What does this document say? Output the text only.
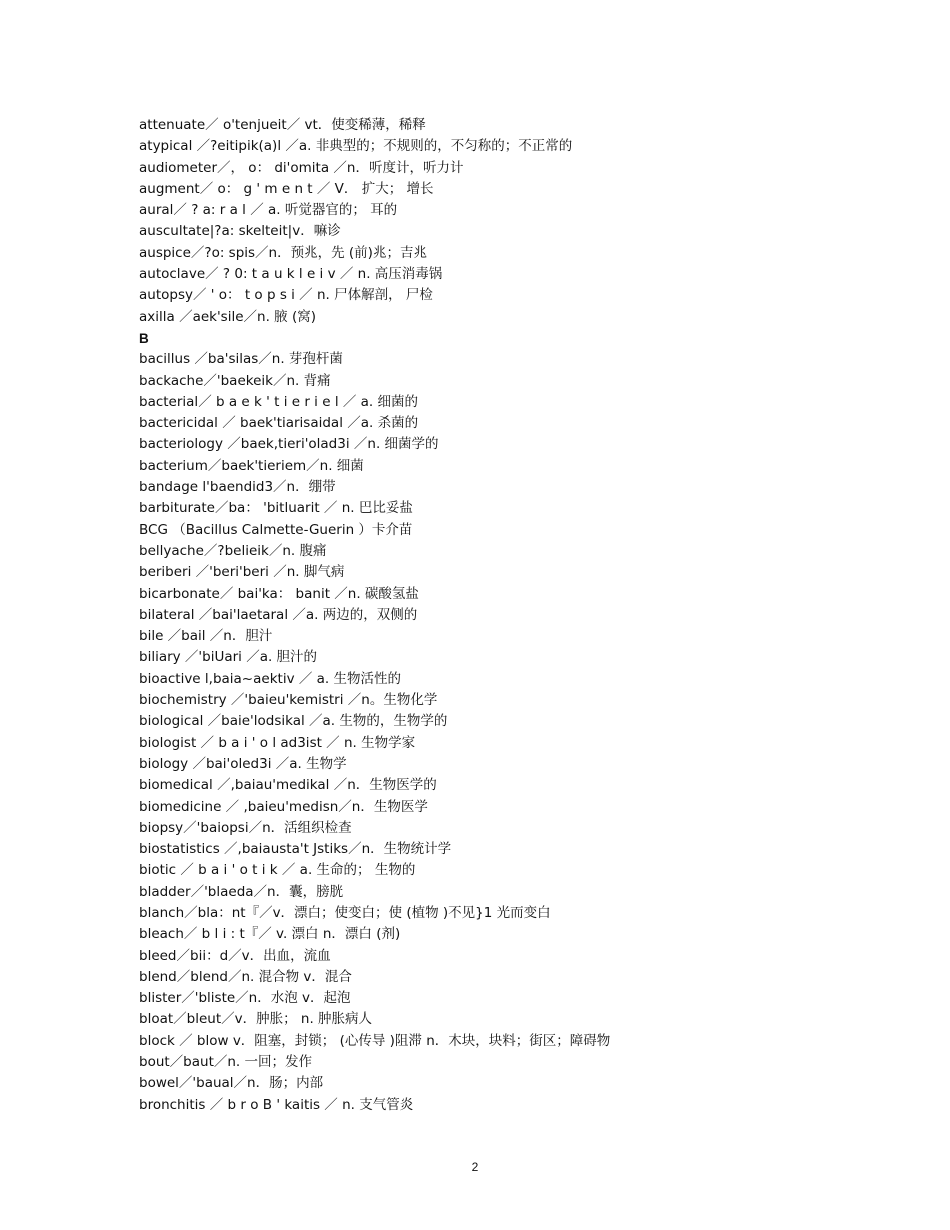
attenuate／ o'tenjueit／ vt．使变稀薄，稀释
atypical ／?eitipik(a)l ／a. 非典型的；不规则的，不匀称的；不正常的
audiometer／， o： di'omita ／n．听度计，听力计
augment／ o： g ' m e n t ／ V． 扩大； 增长
aural／ ? a: r a l ／ a. 听觉器官的； 耳的
auscultate|?a: skelteit|v．嘛诊
auspice／?o: spis／n．预兆，先 (前)兆；吉兆
autoclave／ ? 0: t a u k l e i v ／ n. 高压消毒锅
autopsy／ ' o： t o p s i ／ n. 尸体解剖， 尸检
axilla ／aek'sile／n. 腋 (窝)
B
bacillus ／ba'silas／n. 芽孢杆菌
backache／'baekeik／n. 背痛
bacterial／ b a e k ' t i e r i e l ／ a. 细菌的
bactericidal ／ baek'tiarisaidal ／a. 杀菌的
bacteriology ／baek,tieri'olad3i ／n. 细菌学的
bacterium／baek'tieriem／n. 细菌
bandage l'baendid3／n．绷带
barbiturate／ba： 'bitluarit ／ n. 巴比妥盐
BCG （Bacillus Calmette-Guerin ）卡介苗
bellyache／?belieik／n. 腹痛
beriberi ／'beri'beri ／n. 脚气病
bicarbonate／ bai'ka： banit ／n. 碳酸氢盐
bilateral ／bai'laetaral ／a. 两边的，双侧的
bile ／bail ／n．胆汁
biliary ／'biUari ／a. 胆汁的
bioactive l,baia~aektiv ／ a. 生物活性的
biochemistry ／'baieu'kemistri ／n。生物化学
biological ／baie'lodsikal ／a. 生物的，生物学的
biologist ／ b a i ' o l ad3ist ／ n. 生物学家
biology ／bai'oled3i ／a. 生物学
biomedical ／,baiau'medikal ／n．生物医学的
biomedicine ／ ,baieu'medisn／n．生物医学
biopsy／'baiopsi／n．活组织检查
biostatistics ／,baiausta't Jstiks／n．生物统计学
biotic ／ b a i ' o t i k ／ a. 生命的； 生物的
bladder／'blaeda／n．囊，膀胱
blanch／bla：nt『／v．漂白；使变白；使 (植物 )不见}1 光而变白
bleach／ b l i : t『／ v. 漂白 n．漂白 (剂)
bleed／bii：d／v．出血，流血
blend／blend／n. 混合物 v．混合
blister／'bliste／n．水泡 v．起泡
bloat／bleut／v．肿胀； n. 肿胀病人
block ／ blow v．阻塞，封锁； (心传导 )阻滞 n．木块，块料；街区；障碍物
bout／baut／n. 一回；发作
bowel／'baual／n．肠；内部
bronchitis ／ b r o B ' kaitis ／ n. 支气管炎
2
